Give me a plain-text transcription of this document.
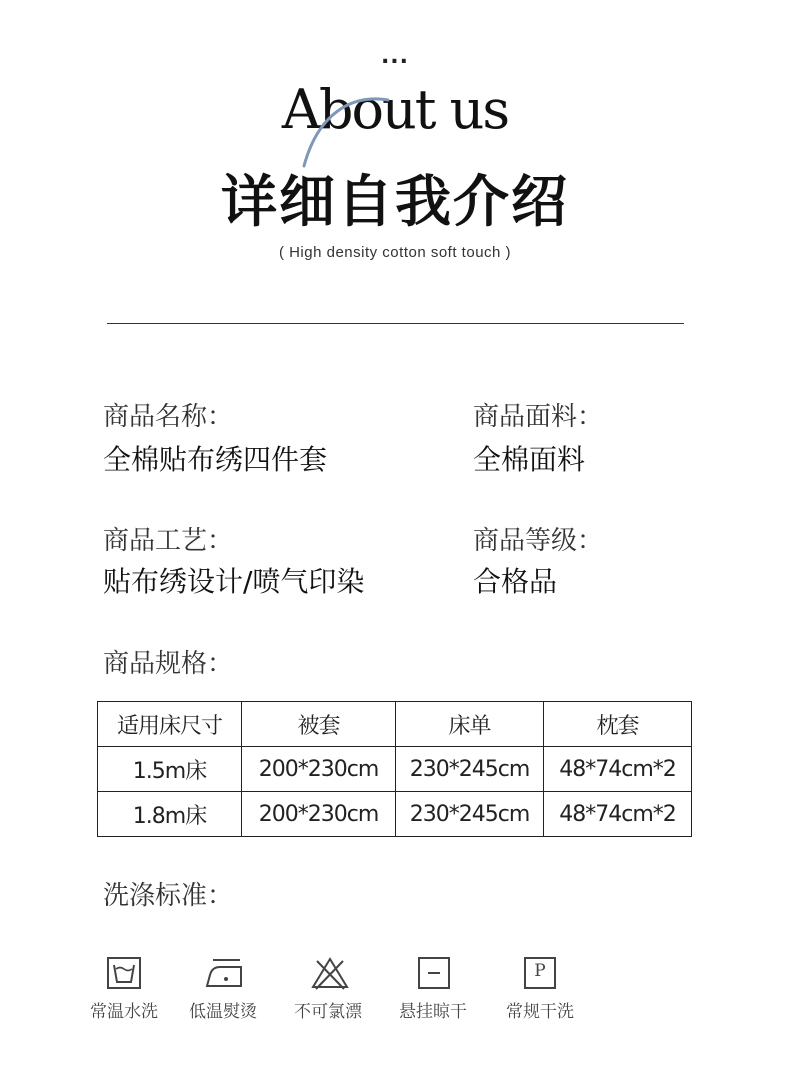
...
About us
详细自我介绍
( High density cotton soft touch )
商品名称：
全棉贴布绣四件套
商品面料：
全棉面料
商品工艺：
贴布绣设计/喷气印染
商品等级：
合格品
商品规格：
适用床尺寸	被套	床单	枕套
1.5m床	200*230cm	230*245cm	48*74cm*2
1.8m床	200*230cm	230*245cm	48*74cm*2
洗涤标准：
P
常温水洗	低温熨烫	不可氯漂	悬挂晾干	常规干洗
